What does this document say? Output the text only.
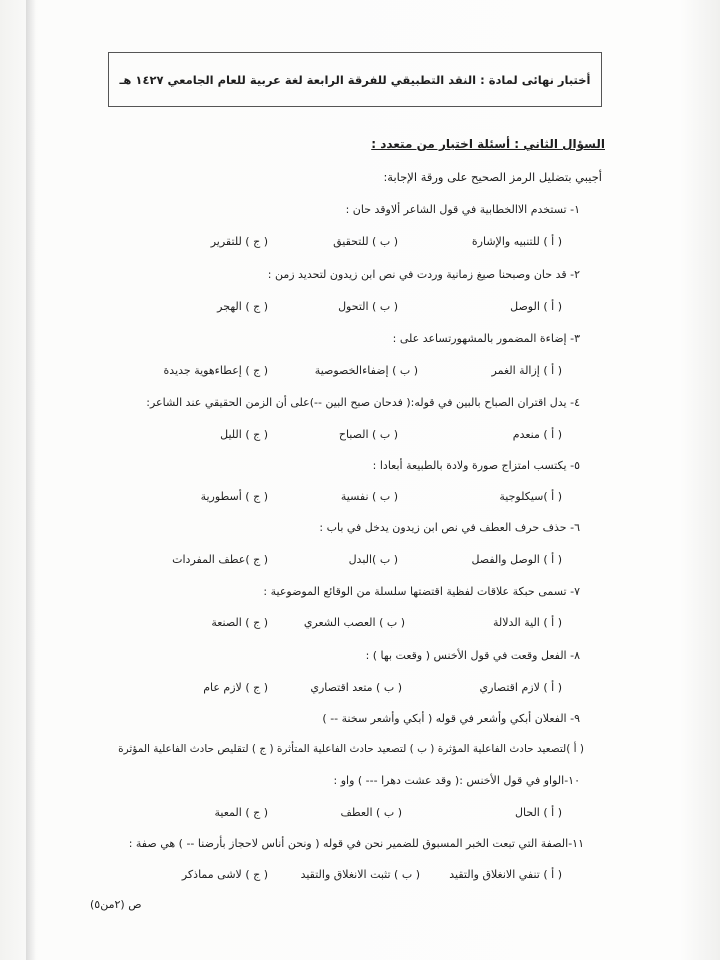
أختبار نهائى لمادة : النقد التطبيقي للفرقة الرابعة لغة عربية للعام الجامعي ١٤٢٧ هـ
السؤال الثاني : أسئلة اختيار من متعدد :
أجيبي بتضليل الرمز الصحيح على ورقة الإجابة:
١- تستخدم الاالخطابية في قول الشاعر ألاوقد حان :
( أ ) للتنبيه والإشارة
( ب ) للتحقيق
( ج ) للتقرير
٢- قد حان وصبحنا صيغ زمانية وردت في نص ابن زيدون لتحديد زمن :
( أ ) الوصل
( ب ) التحول
( ج ) الهجر
٣- إضاءة المضمور بالمشهورتساعد على :
( أ ) إزالة الغمر
( ب ) إضفاءالخصوصية
( ج ) إعطاءهوية جديدة
٤- يدل اقتران الصباح بالبين في قوله:( فدحان صبح البين --)على أن الزمن الحقيقي عند الشاعر:
( أ ) منعدم
( ب ) الصباح
( ج ) الليل
٥- يكتسب امتزاج صورة ولادة بالطبيعة أبعادا :
( أ )سيكلوجية
( ب ) نفسية
( ج ) أسطورية
٦- حذف حرف العطف في نص ابن زيدون يدخل في باب :
( أ ) الوصل والفصل
( ب )البدل
( ج )عطف المفردات
٧- تسمى حبكة علاقات لفظية اقتضتها سلسلة من الوقائع الموضوعية :
( أ ) الية الدلالة
( ب ) العصب الشعري
( ج ) الصنعة
٨- الفعل وقعت في قول الأخنس ( وقعت بها ) :
( أ ) لازم اقتصاري
( ب ) متعد اقتصاري
( ج ) لازم عام
٩- الفعلان أبكي وأشعر في قوله ( أبكي وأشعر سخنة -- )
( أ )لتصعيد حادث الفاعلية المؤثرة ( ب ) لتصعيد حادث الفاعلية المتأثرة ( ج ) لتقليص حادث الفاعلية المؤثرة
١٠-الواو في قول الأخنس :( وقد عشت دهرا --- ) واو :
( أ ) الحال
( ب ) العطف
( ج ) المعية
١١-الصفة التي تبعت الخبر المسبوق للضمير نحن في قوله ( ونحن أناس لاحجاز بأرضنا -- ) هي صفة :
( أ ) تنفي الانغلاق والتقيد
( ب ) تثبت الانغلاق والتقيد
( ج ) لاشى مماذكر
ص (٢من٥)
